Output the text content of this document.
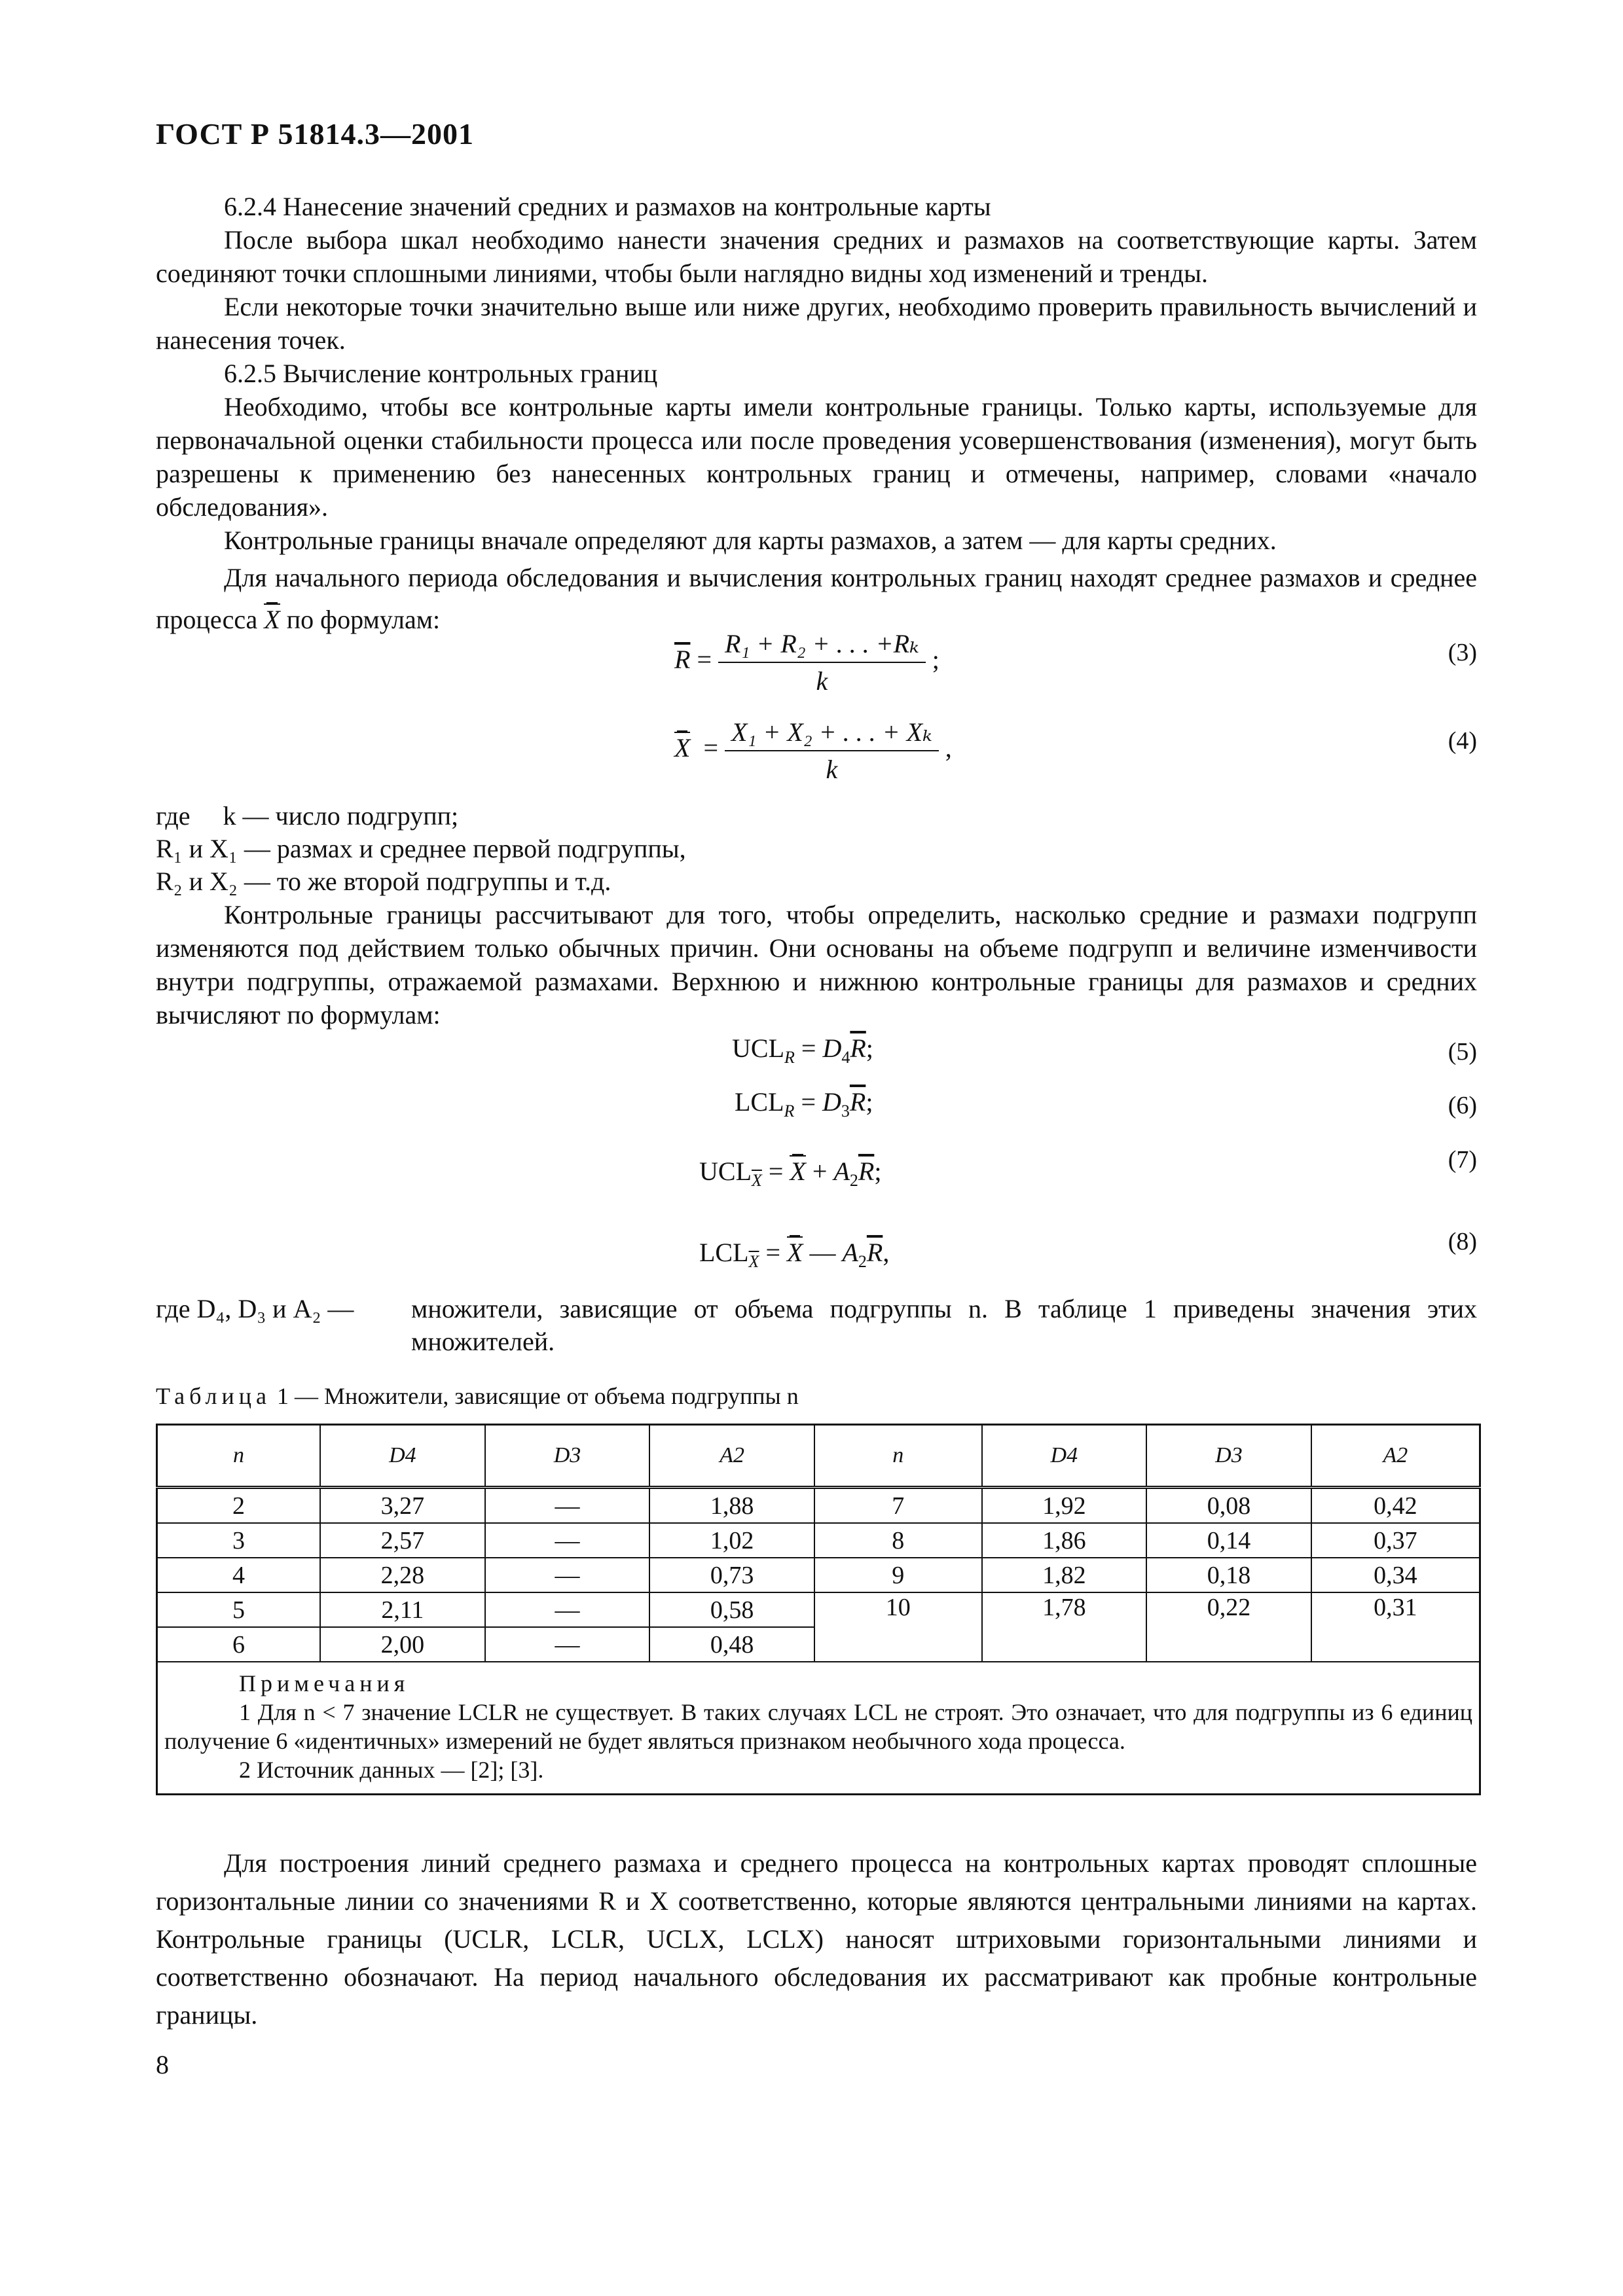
ГОСТ Р 51814.3—2001

6.2.4 Нанесение значений средних и размахов на контрольные карты

После выбора шкал необходимо нанести значения средних и размахов на соответствующие карты. Затем соединяют точки сплошными линиями, чтобы были наглядно видны ход изменений и тренды.

Если некоторые точки значительно выше или ниже других, необходимо проверить правильность вычислений и нанесения точек.

6.2.5 Вычисление контрольных границ

Необходимо, чтобы все контрольные карты имели контрольные границы. Только карты, используемые для первоначальной оценки стабильности процесса или после проведения усовершенствования (изменения), могут быть разрешены к применению без нанесенных контрольных границ и отмечены, например, словами «начало обследования».

Контрольные границы вначале определяют для карты размахов, а затем — для карты средних.

Для начального периода обследования и вычисления контрольных границ находят среднее размахов и среднее процесса X по формулам:

$\overline{R} = \frac{\text{R₁ + R₂ + . . . +Rₖ}}{k}$ ;	(3)
$X = \frac{\text{X₁ + X₂ + . . . + Xₖ}}{k}$ ,	(4)
где     k — число подгрупп;
R₁ и X₁ — размах и среднее первой подгруппы,
R₂ и X₂ — то же второй подгруппы и т.д.

Контрольные границы рассчитывают для того, чтобы определить, насколько средние и размахи подгрупп изменяются под действием только обычных причин. Они основаны на объеме подгрупп и величине изменчивости внутри подгруппы, отражаемой размахами. Верхнюю и нижнюю контрольные границы для размахов и средних вычисляют по формулам:

$UCL_R = D_4\overline{R}$;	(5)
$LCL_R = D_3\overline{R}$;	(6)
$UCL_{\overline{X}} = X + A_2\overline{R}$;	(7)
$LCL_{\overline{X}} = X$ — $A_2\overline{R}$,	(8)
где D₄, D₃ и A₂ —	множители, зависящие от объема подгруппы n. В таблице 1 приведены значения этих множителей.
Таблица 1 — Множители, зависящие от объема подгруппы n
n	D4	D3	A2	n	D4	D3	A2
2	3,27	—	1,88	7	1,92	0,08	0,42
3	2,57	—	1,02	8	1,86	0,14	0,37
4	2,28	—	0,73	9	1,82	0,18	0,34
5	2,11	—	0,58	10	1,78	0,22	0,31
6	2,00	—	0,48				

Примечания
1 Для n < 7 значение LCLR не существует. В таких случаях LCL не строят. Это означает, что для подгруппы из 6 единиц получение 6 «идентичных» измерений не будет являться признаком необычного хода процесса.
2 Источник данных — [2]; [3].							

Для построения линий среднего размаха и среднего процесса на контрольных картах проводят сплошные горизонтальные линии со значениями R и X соответственно, которые являются центральными линиями на картах. Контрольные границы (UCLR, LCLR, UCLX, LCLX) наносят штриховыми горизонтальными линиями и соответственно обозначают. На период начального обследования их рассматривают как пробные контрольные границы.

8
